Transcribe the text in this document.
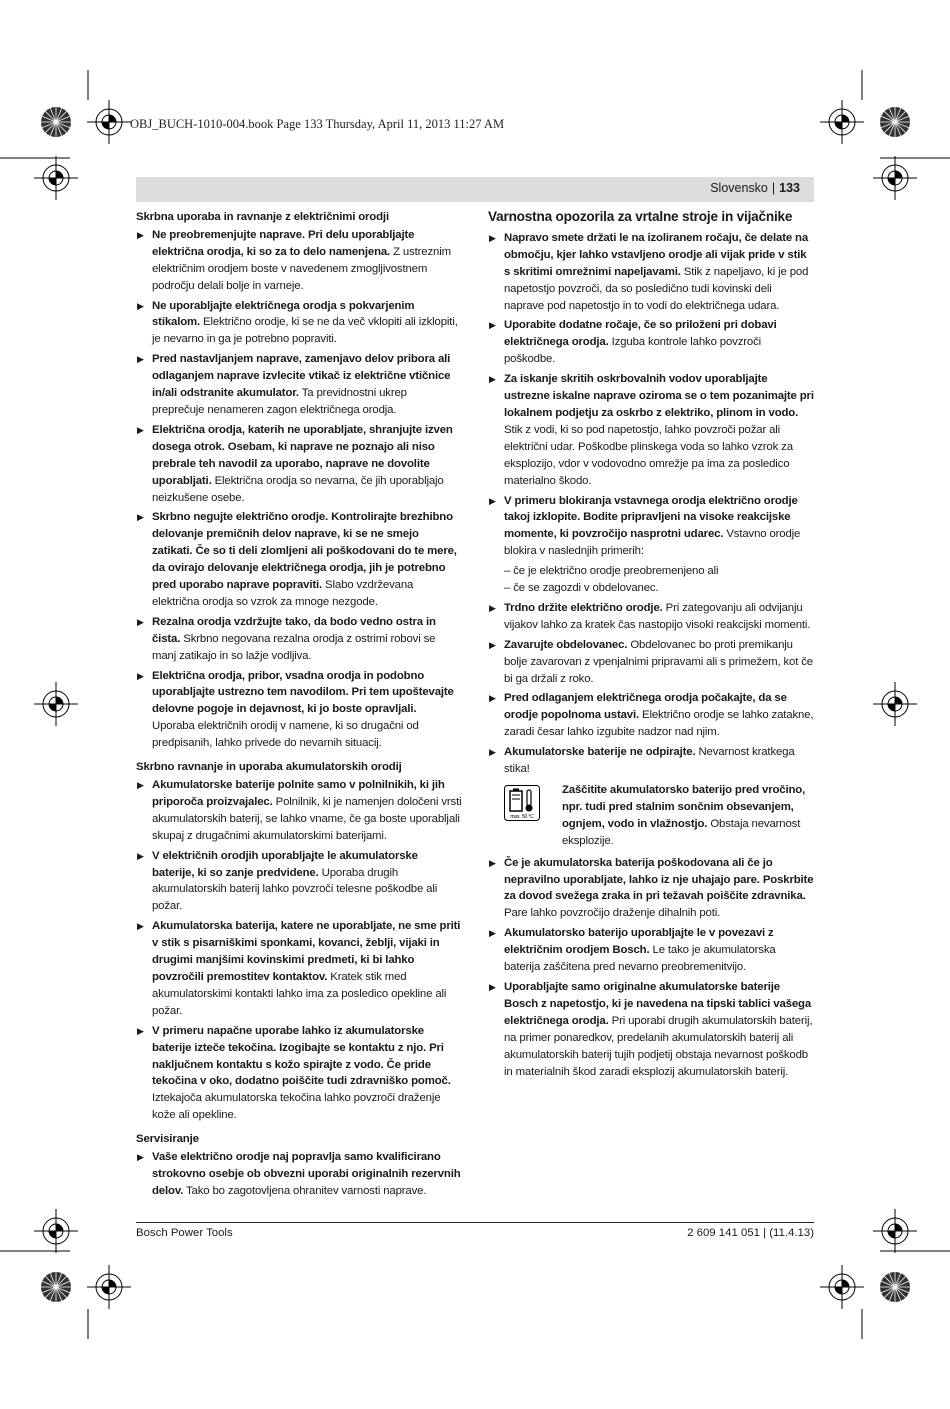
OBJ_BUCH-1010-004.book Page 133 Thursday, April 11, 2013 11:27 AM
Slovensko | 133
Skrbna uporaba in ravnanje z električnimi orodji
▶ Ne preobremenjujte naprave. Pri delu uporabljajte električna orodja, ki so za to delo namenjena. Z ustreznim električnim orodjem boste v navedenem zmogljivostnem področju delali bolje in varneje.
▶ Ne uporabljajte električnega orodja s pokvarjenim stikalom. Električno orodje, ki se ne da več vklopiti ali izklopiti, je nevarno in ga je potrebno popraviti.
▶ Pred nastavljanjem naprave, zamenjavo delov pribora ali odlaganjem naprave izvlecite vtikač iz električne vtičnice in/ali odstranite akumulator. Ta previdnostni ukrep preprečuje nenameren zagon električnega orodja.
▶ Električna orodja, katerih ne uporabljate, shranjujte izven dosega otrok. Osebam, ki naprave ne poznajo ali niso prebrale teh navodil za uporabo, naprave ne dovolite uporabljati. Električna orodja so nevarna, če jih uporabljajo neizkušene osebe.
▶ Skrbno negujte električno orodje. Kontrolirajte brezhibno delovanje premičnih delov naprave, ki se ne smejo zatikati. Če so ti deli zlomljeni ali poškodovani do te mere, da ovirajo delovanje električnega orodja, jih je potrebno pred uporabo naprave popraviti. Slabo vzdrževana električna orodja so vzrok za mnoge nezgode.
▶ Rezalna orodja vzdržujte tako, da bodo vedno ostra in čista. Skrbno negovana rezalna orodja z ostrimi robovi se manj zatikajo in so lažje vodljiva.
▶ Električna orodja, pribor, vsadna orodja in podobno uporabljajte ustrezno tem navodilom. Pri tem upoštevajte delovne pogoje in dejavnost, ki jo boste opravljali. Uporaba električnih orodij v namene, ki so drugačni od predpisanih, lahko privede do nevarnih situacij.
Skrbno ravnanje in uporaba akumulatorskih orodij
▶ Akumulatorske baterije polnite samo v polnilnikih, ki jih priporoča proizvajalec. Polnilnik, ki je namenjen določeni vrsti akumulatorskih baterij, se lahko vname, če ga boste uporabljali skupaj z drugačnimi akumulatorskimi baterijami.
▶ V električnih orodjih uporabljajte le akumulatorske baterije, ki so zanje predvidene. Uporaba drugih akumulatorskih baterij lahko povzroči telesne poškodbe ali požar.
▶ Akumulatorska baterija, katere ne uporabljate, ne sme priti v stik s pisarniškimi sponkami, kovanci, žeblji, vijaki in drugimi manjšimi kovinskimi predmeti, ki bi lahko povzročili premostitev kontaktov. Kratek stik med akumulatorskimi kontakti lahko ima za posledico opekline ali požar.
▶ V primeru napačne uporabe lahko iz akumulatorske baterije izteče tekočina. Izogibajte se kontaktu z njo. Pri naključnem kontaktu s kožo spirajte z vodo. Če pride tekočina v oko, dodatno poiščite tudi zdravniško pomoč. Iztekajoča akumulatorska tekočina lahko povzroči draženje kože ali opekline.
Servisiranje
▶ Vaše električno orodje naj popravlja samo kvalificirano strokovno osebje ob obvezni uporabi originalnih rezervnih delov. Tako bo zagotovljena ohranitev varnosti naprave.
Varnostna opozorila za vrtalne stroje in vijačnike
▶ Napravo smete držati le na izoliranem ročaju, če delate na območju, kjer lahko vstavljeno orodje ali vijak pride v stik s skritimi omrežnimi napeljavami. Stik z napeljavo, ki je pod napetostjo povzroči, da so posledično tudi kovinski deli naprave pod napetostjo in to vodi do električnega udara.
▶ Uporabite dodatne ročaje, če so priloženi pri dobavi električnega orodja. Izguba kontrole lahko povzroči poškodbe.
▶ Za iskanje skritih oskrbovalnih vodov uporabljajte ustrezne iskalne naprave oziroma se o tem pozanimajte pri lokalnem podjetju za oskrbo z elektriko, plinom in vodo. Stik z vodi, ki so pod napetostjo, lahko povzroči požar ali električni udar. Poškodbe plinskega voda so lahko vzrok za eksplozijo, vdor v vodovodno omrežje pa ima za posledico materialno škodo.
▶ V primeru blokiranja vstavnega orodja električno orodje takoj izklopite. Bodite pripravljeni na visoke reakcijske momente, ki povzročijo nasprotni udarec. Vstavno orodje blokira v naslednjih primerih:
– če je električno orodje preobremenjeno ali
– če se zagozdi v obdelovanec.
▶ Trdno držite električno orodje. Pri zategovanju ali odvijanju vijakov lahko za kratek čas nastopijo visoki reakcijski momenti.
▶ Zavarujte obdelovanec. Obdelovanec bo proti premikanju bolje zavarovan z vpenjalnimi pripravami ali s primežem, kot če bi ga držali z roko.
▶ Pred odlaganjem električnega orodja počakajte, da se orodje popolnoma ustavi. Električno orodje se lahko zataknе, zaradi česar lahko izgubite nadzor nad njim.
▶ Akumulatorske baterije ne odpirajte. Nevarnost kratkega stika!
max. 50 °C
Zaščitite akumulatorsko baterijo pred vročino, npr. tudi pred stalnim sončnim obsevanjem, ognjem, vodo in vlažnostjo. Obstaja nevarnost eksplozije.
▶ Če je akumulatorska baterija poškodovana ali če jo nepravilno uporabljate, lahko iz nje uhajajo pare. Poskrbite za dovod svežega zraka in pri težavah poiščite zdravnika. Pare lahko povzročijo draženje dihalnih poti.
▶ Akumulatorsko baterijo uporabljajte le v povezavi z električnim orodjem Bosch. Le tako je akumulatorska baterija zaščitena pred nevarno preobremenitvijo.
▶ Uporabljajte samo originalne akumulatorske baterije Bosch z napetostjo, ki je navedena na tipski tablici vašega električnega orodja. Pri uporabi drugih akumulatorskih baterij, na primer ponaredkov, predelanih akumulatorskih baterij ali akumulatorskih baterij tujih podjetij obstaja nevarnost poškodb in materialnih škod zaradi eksplozij akumulatorskih baterij.
Bosch Power Tools	2 609 141 051 | (11.4.13)
